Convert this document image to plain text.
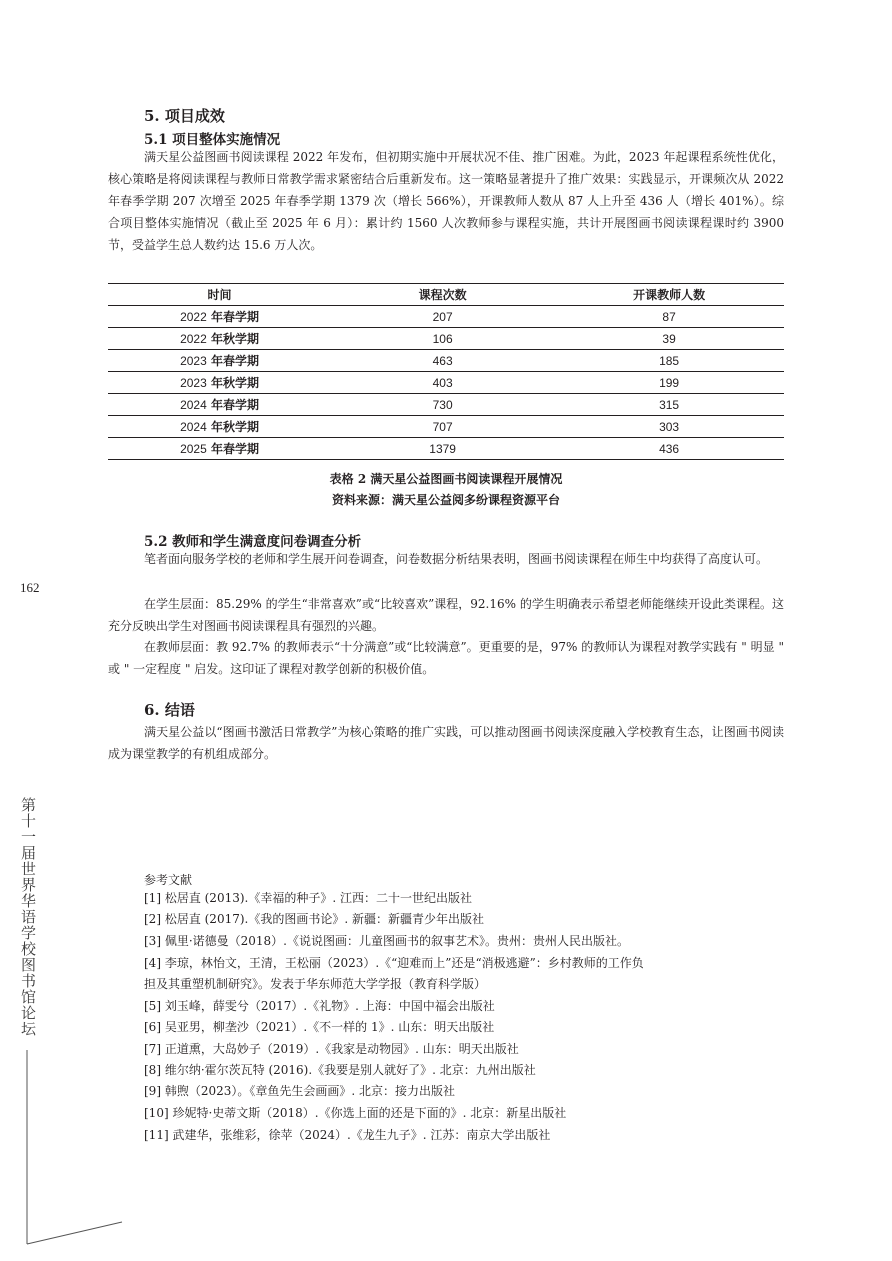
5. 项目成效
5.1 项目整体实施情况
满天星公益图画书阅读课程 2022 年发布，但初期实施中开展状况不佳、推广困难。为此，2023 年起课程系统性优化，核心策略是将阅读课程与教师日常教学需求紧密结合后重新发布。这一策略显著提升了推广效果：实践显示，开课频次从 2022 年春季学期 207 次增至 2025 年春季学期 1379 次（增长 566%），开课教师人数从 87 人上升至 436 人（增长 401%）。综合项目整体实施情况（截止至 2025 年 6 月）：累计约 1560 人次教师参与课程实施，共计开展图画书阅读课程课时约 3900 节，受益学生总人数约达 15.6 万人次。
时间	课程次数	开课教师人数
2022 年春学期	207	87
2022 年秋学期	106	39
2023 年春学期	463	185
2023 年秋学期	403	199
2024 年春学期	730	315
2024 年秋学期	707	303
2025 年春学期	1379	436
表格 2 满天星公益图画书阅读课程开展情况
资料来源：满天星公益阅多纷课程资源平台
5.2 教师和学生满意度问卷调查分析
笔者面向服务学校的老师和学生展开问卷调查，问卷数据分析结果表明，图画书阅读课程在师生中均获得了高度认可。
在学生层面：85.29% 的学生“非常喜欢”或“比较喜欢”课程，92.16% 的学生明确表示希望老师能继续开设此类课程。这充分反映出学生对图画书阅读课程具有强烈的兴趣。
在教师层面：教 92.7% 的教师表示“十分满意”或“比较满意”。更重要的是，97% 的教师认为课程对教学实践有 " 明显 " 或 " 一定程度 " 启发。这印证了课程对教学创新的积极价值。
6. 结语
满天星公益以“图画书激活日常教学”为核心策略的推广实践，可以推动图画书阅读深度融入学校教育生态，让图画书阅读成为课堂教学的有机组成部分。
162
第十一届世界华语学校图书馆论坛	参考文献
[1] 松居直 (2013).《幸福的种子》. 江西：二十一世纪出版社
[2] 松居直 (2017).《我的图画书论》. 新疆：新疆青少年出版社
[3] 佩里·诺德曼（2018）.《说说图画：儿童图画书的叙事艺术》。贵州：贵州人民出版社。
[4] 李琼，林怡文，王清，王松丽（2023）.《“迎难而上”还是“消极逃避”：乡村教师的工作负
担及其重塑机制研究》。发表于华东师范大学学报（教育科学版）
[5] 刘玉峰，薛雯兮（2017）.《礼物》. 上海：中国中福会出版社
[6] 吴亚男，柳垄沙（2021）.《不一样的 1》. 山东：明天出版社
[7] 正道熏，大岛妙子（2019）.《我家是动物园》. 山东：明天出版社
[8] 维尔纳·霍尔茨瓦特 (2016).《我要是别人就好了》. 北京：九州出版社
[9] 韩煦（2023）。《章鱼先生会画画》. 北京：接力出版社
[10] 珍妮特·史蒂文斯（2018）.《你选上面的还是下面的》. 北京：新星出版社
[11] 武建华，张维彩，徐苹（2024）.《龙生九子》. 江苏：南京大学出版社
